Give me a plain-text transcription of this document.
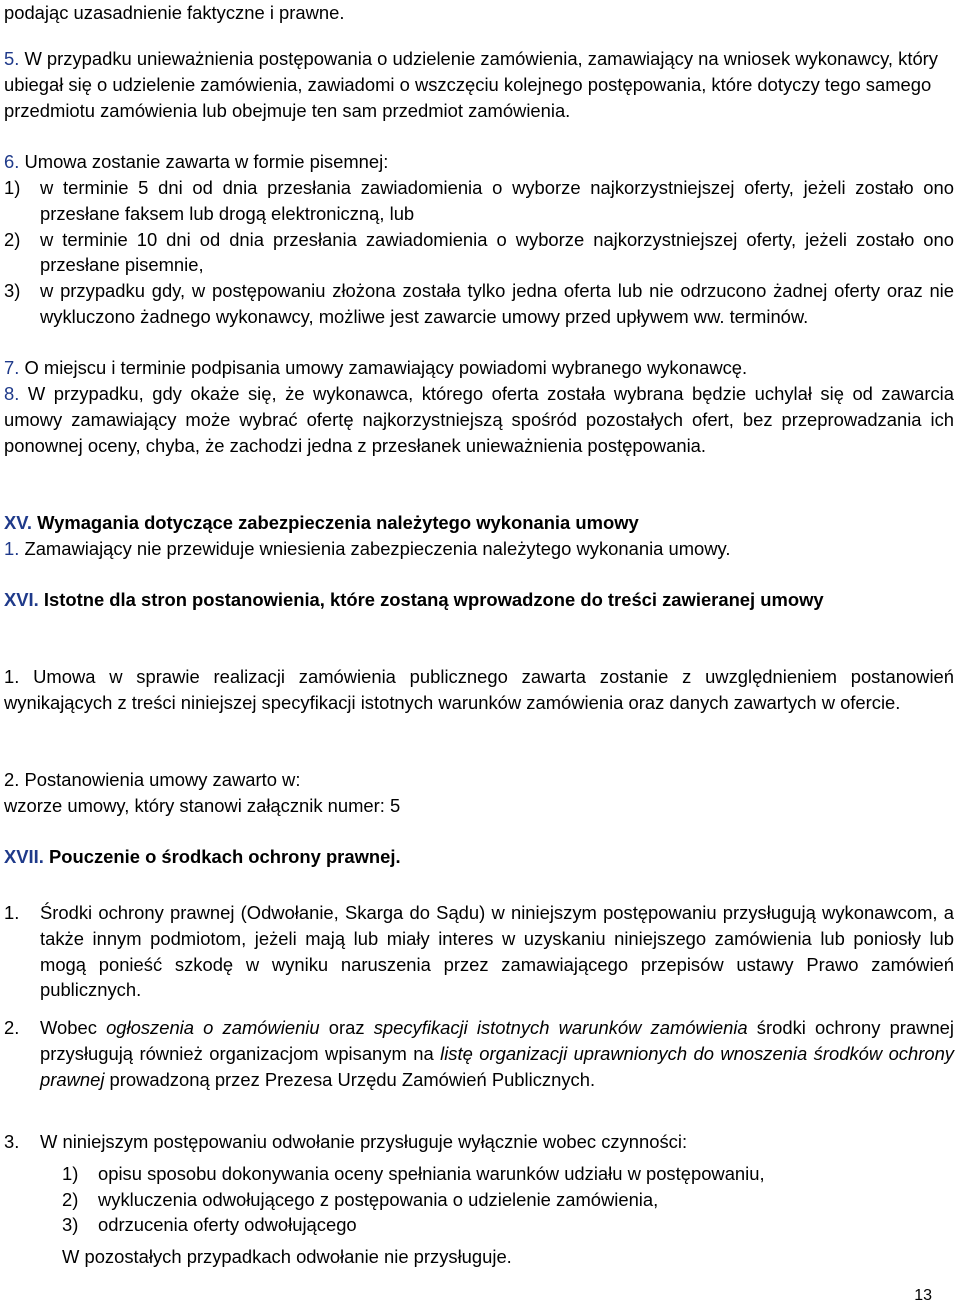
podając uzasadnienie faktyczne i prawne.
5. W przypadku unieważnienia postępowania o udzielenie zamówienia, zamawiający na wniosek wykonawcy, który ubiegał się o udzielenie zamówienia, zawiadomi o wszczęciu kolejnego postępowania, które dotyczy tego samego przedmiotu zamówienia lub obejmuje ten sam przedmiot zamówienia.
6. Umowa zostanie zawarta w formie pisemnej:
1)	w terminie 5 dni od dnia przesłania zawiadomienia o wyborze najkorzystniejszej oferty, jeżeli zostało ono przesłane faksem lub drogą elektroniczną, lub
2)	w terminie 10 dni od dnia przesłania zawiadomienia o wyborze najkorzystniejszej oferty, jeżeli zostało ono przesłane pisemnie,
3)	w przypadku gdy, w postępowaniu złożona została tylko jedna oferta lub nie odrzucono żadnej oferty oraz nie wykluczono żadnego wykonawcy, możliwe jest zawarcie umowy przed upływem ww. terminów.
7. O miejscu i terminie podpisania umowy zamawiający powiadomi wybranego wykonawcę.
8. W przypadku, gdy okaże się, że wykonawca, którego oferta została wybrana będzie uchylał się od zawarcia umowy zamawiający może wybrać ofertę najkorzystniejszą spośród pozostałych ofert, bez przeprowadzania ich ponownej oceny, chyba, że zachodzi jedna z przesłanek unieważnienia postępowania.
XV. Wymagania dotyczące zabezpieczenia należytego wykonania umowy
1. Zamawiający nie przewiduje wniesienia zabezpieczenia należytego wykonania umowy.
XVI. Istotne dla stron postanowienia, które zostaną wprowadzone do treści zawieranej umowy
1. Umowa w sprawie realizacji zamówienia publicznego zawarta zostanie z uwzględnieniem postanowień wynikających z treści niniejszej specyfikacji istotnych warunków zamówienia oraz danych zawartych w ofercie.
2. Postanowienia umowy zawarto w:
wzorze umowy, który stanowi załącznik numer: 5
XVII. Pouczenie o środkach ochrony prawnej.
1.	Środki ochrony prawnej (Odwołanie, Skarga do Sądu) w niniejszym postępowaniu przysługują wykonawcom, a także innym podmiotom, jeżeli mają lub miały interes w uzyskaniu niniejszego zamówienia lub poniosły lub mogą ponieść szkodę w wyniku naruszenia przez zamawiającego przepisów ustawy Prawo zamówień publicznych.
2.	Wobec ogłoszenia o zamówieniu oraz specyfikacji istotnych warunków zamówienia środki ochrony prawnej przysługują również organizacjom wpisanym na listę organizacji uprawnionych do wnoszenia środków ochrony prawnej prowadzoną przez Prezesa Urzędu Zamówień Publicznych.
3.	W niniejszym postępowaniu odwołanie przysługuje wyłącznie wobec czynności:
1)	opisu sposobu dokonywania oceny spełniania warunków udziału w postępowaniu,
2)	wykluczenia odwołującego z postępowania o udzielenie zamówienia,
3)	odrzucenia oferty odwołującego
W pozostałych przypadkach odwołanie nie przysługuje.
13
